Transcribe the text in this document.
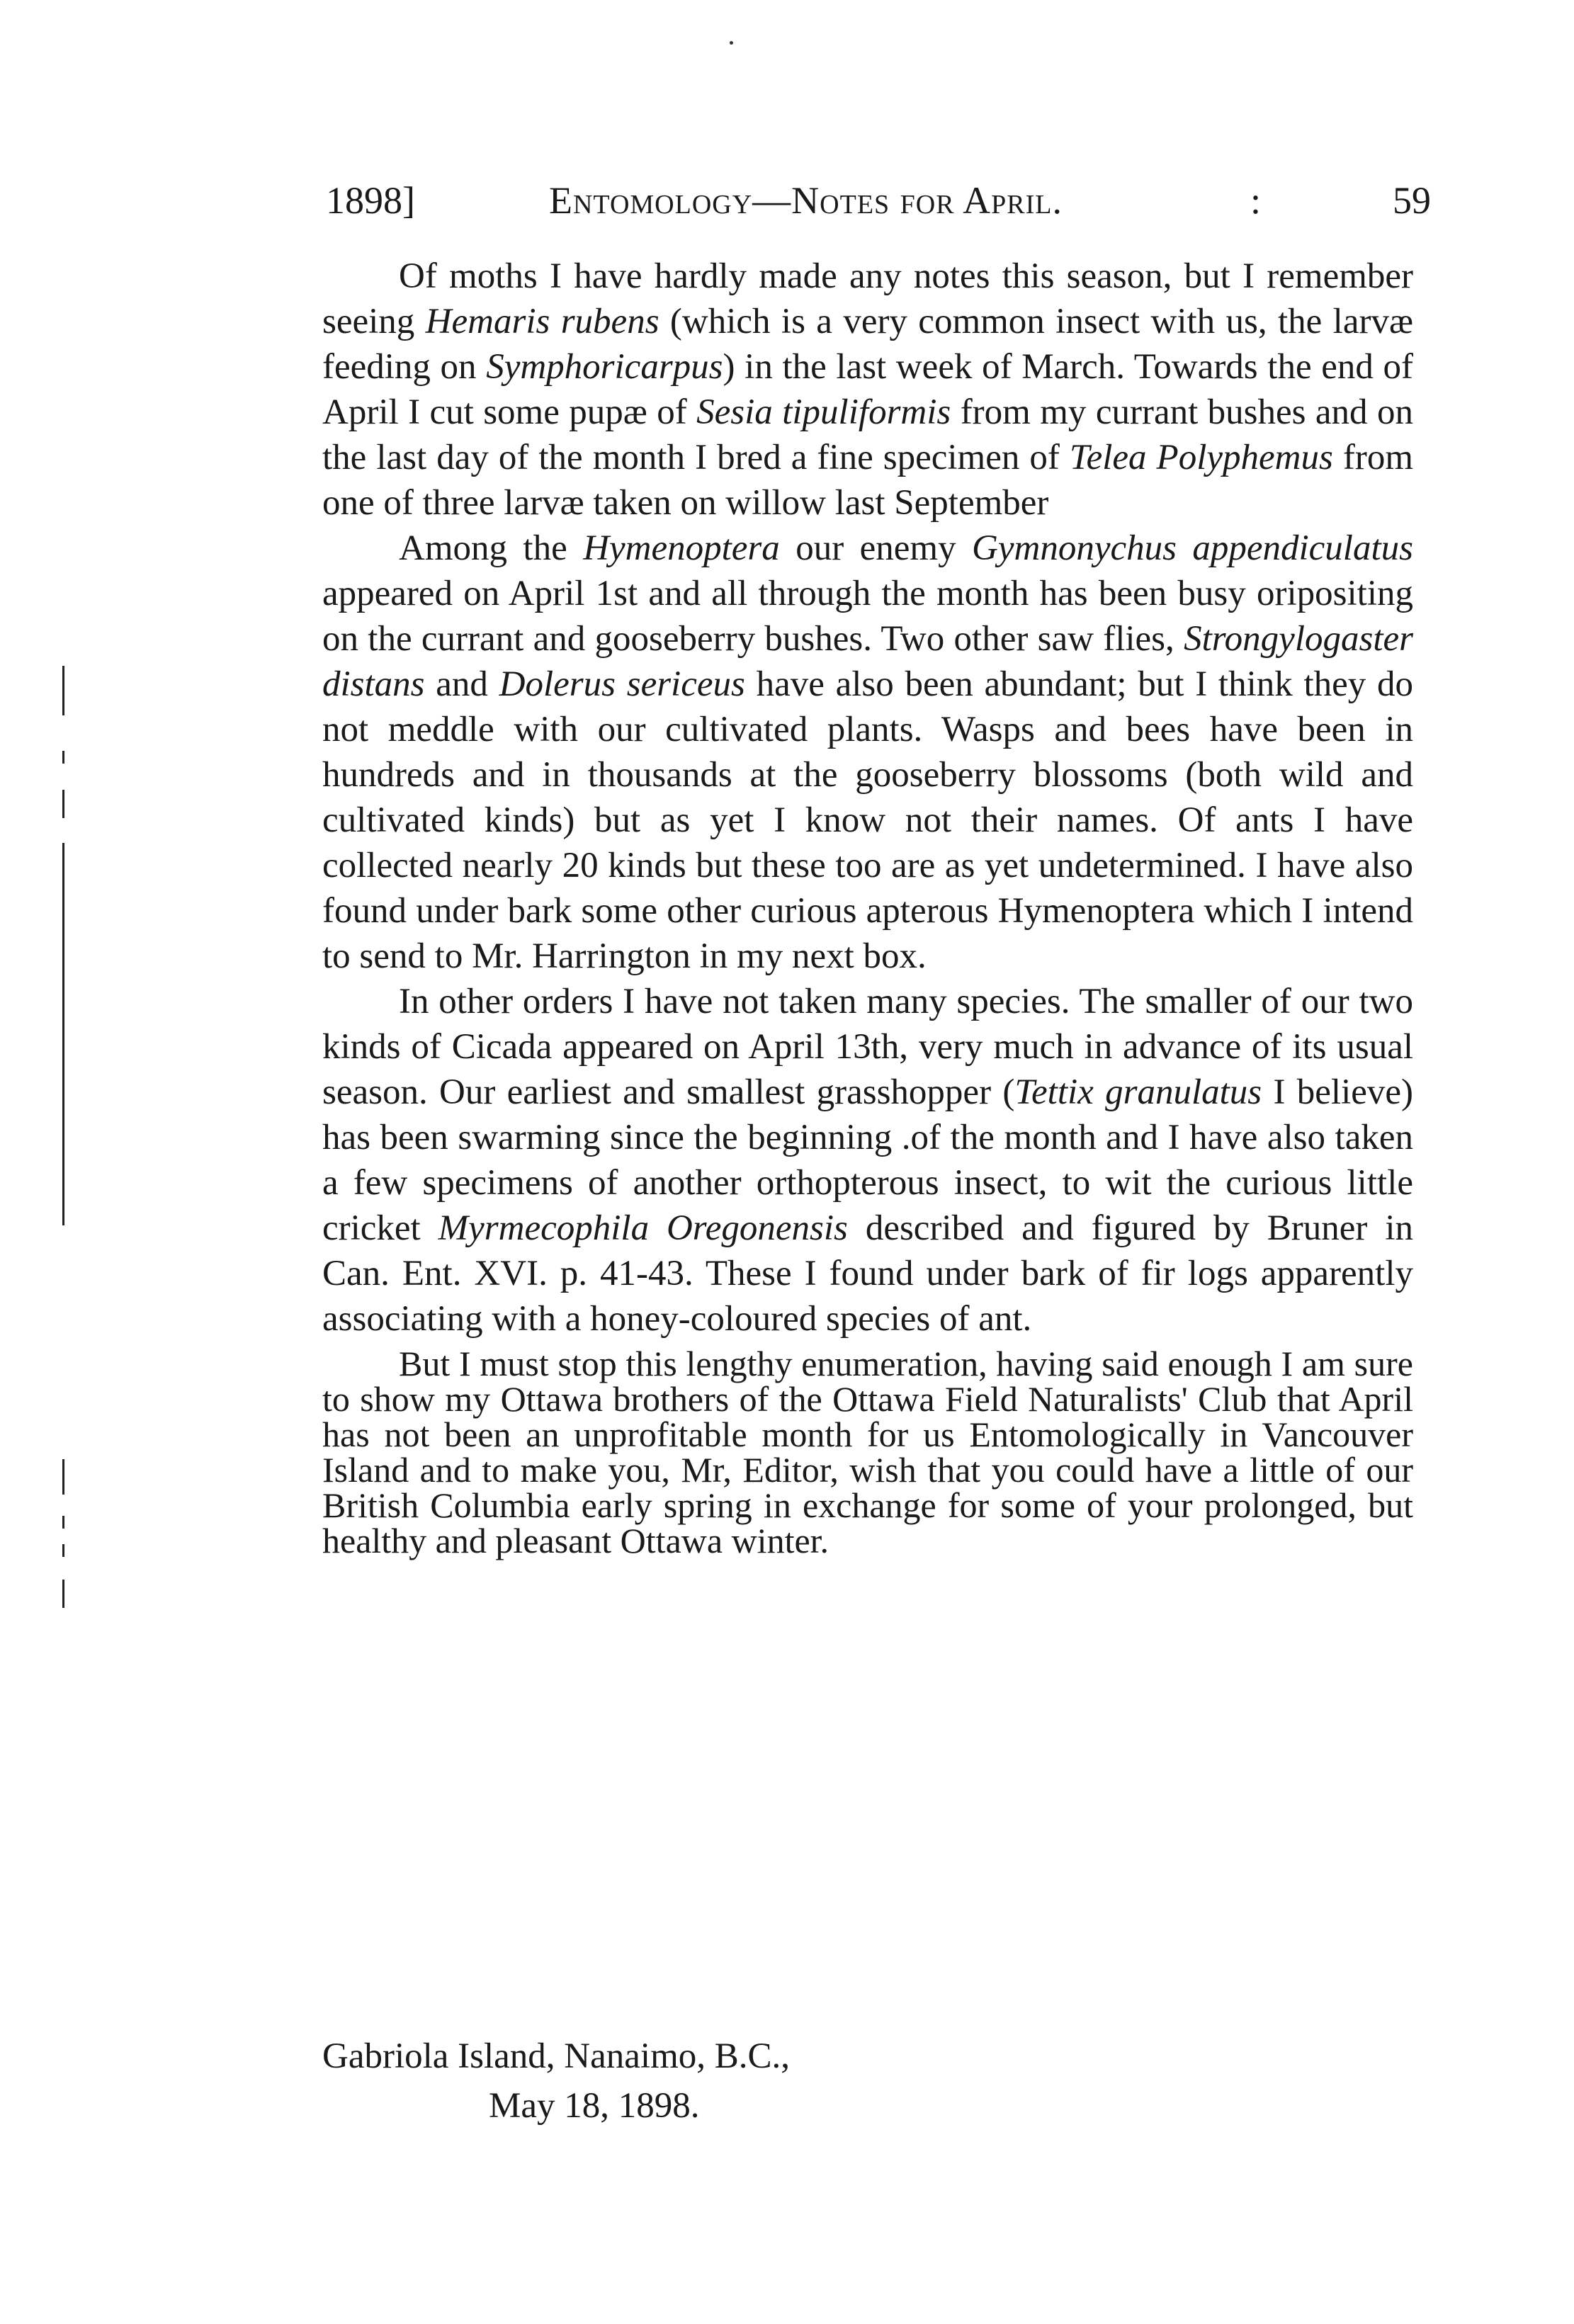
1898]	Entomology—Notes for April.	:	59

Of moths I have hardly made any notes this season, but I remember seeing Hemaris rubens (which is a very common insect with us, the larvæ feeding on Symphoricarpus) in the last week of March. Towards the end of April I cut some pupæ of Sesia tipuliformis from my currant bushes and on the last day of the month I bred a fine specimen of Telea Polyphemus from one of three larvæ taken on willow last September

Among the Hymenoptera our enemy Gymnonychus appendiculatus appeared on April 1st and all through the month has been busy oripositing on the currant and gooseberry bushes. Two other saw flies, Strongylogaster distans and Dolerus sericeus have also been abundant; but I think they do not meddle with our cultivated plants. Wasps and bees have been in hundreds and in thousands at the gooseberry blossoms (both wild and cultivated kinds) but as yet I know not their names. Of ants I have collected nearly 20 kinds but these too are as yet undetermined. I have also found under bark some other curious apterous Hymenoptera which I intend to send to Mr. Harrington in my next box.

In other orders I have not taken many species. The smaller of our two kinds of Cicada appeared on April 13th, very much in advance of its usual season. Our earliest and smallest grasshopper (Tettix granulatus I believe) has been swarming since the beginning .of the month and I have also taken a few specimens of another orthopterous insect, to wit the curious little cricket Myrmecophila Oregonensis described and figured by Bruner in Can. Ent. XVI. p. 41-43. These I found under bark of fir logs apparently associating with a honey-coloured species of ant.

But I must stop this lengthy enumeration, having said enough I am sure to show my Ottawa brothers of the Ottawa Field Naturalists' Club that April has not been an unprofitable month for us Entomologically in Vancouver Island and to make you, Mr, Editor, wish that you could have a little of our British Columbia early spring in exchange for some of your prolonged, but healthy and pleasant Ottawa winter.

Gabriola Island, Nanaimo, B.C.,
May 18, 1898.
